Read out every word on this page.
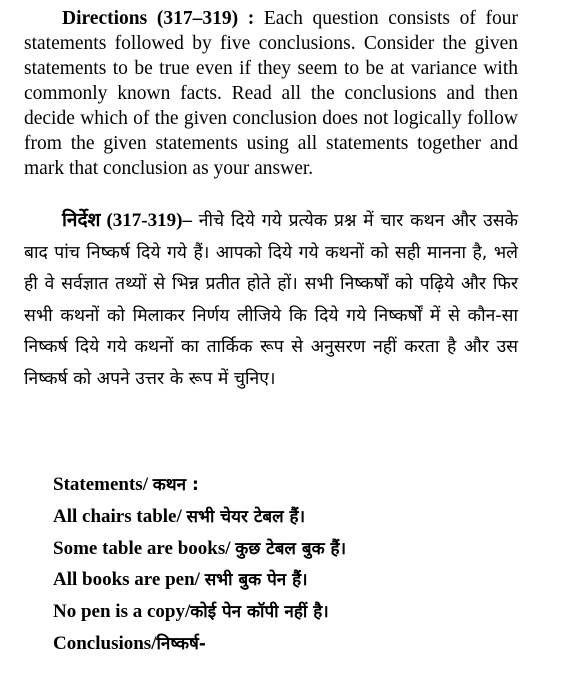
Directions (317–319) : Each question consists of four statements followed by five conclusions. Consider the given statements to be true even if they seem to be at variance with commonly known facts. Read all the conclusions and then decide which of the given conclusion does not logically follow from the given statements using all statements together and mark that conclusion as your answer.

निर्देश (317-319)– नीचे दिये गये प्रत्येक प्रश्न में चार कथन और उसके बाद पांच निष्कर्ष दिये गये हैं। आपको दिये गये कथनों को सही मानना है, भले ही वे सर्वज्ञात तथ्यों से भिन्न प्रतीत होते हों। सभी निष्कर्षों को पढ़िये और फिर सभी कथनों को मिलाकर निर्णय लीजिये कि दिये गये निष्कर्षों में से कौन-सा निष्कर्ष दिये गये कथनों का तार्किक रूप से अनुसरण नहीं करता है और उस निष्कर्ष को अपने उत्तर के रूप में चुनिए।

Statements/ कथन :
All chairs table/ सभी चेयर टेबल हैं।
Some table are books/ कुछ टेबल बुक हैं।
All books are pen/ सभी बुक पेन हैं।
No pen is a copy/कोई पेन कॉपी नहीं है।
Conclusions/निष्कर्ष-
